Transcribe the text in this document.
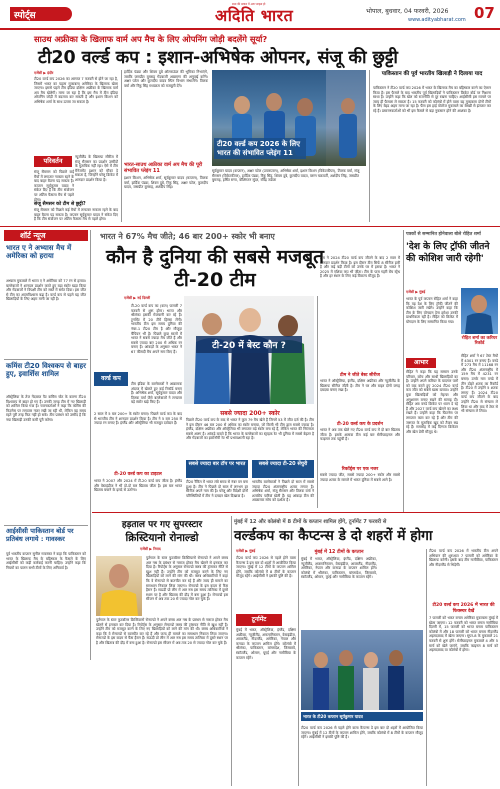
स्पोर्ट्स
सत्य की तलाश में अगर साहस हो
अदिति भारत	भोपाल, बुधवार, 04 फरवरी, 2026
www.adityabharat.com 07
साउथ अफ्रीका के खिलाफ वार्म अप मैच के लिए ओपनिंग जोड़ी बदलेंगे सूर्या?
टी20 वर्ल्ड कप : इशान-अभिषेक ओपनर, संजू की छुट्टी
एजेंसी ▶ इंदौर
टी20 वर्ल्ड कप 2026 का आगाज 7 फरवरी से होने जा रहा है, जिसमें भारत का पहला मुकाबला अमेरिका के खिलाफ खेला जाएगा। इससे पहले टीम इंडिया दक्षिण अफ्रीका के खिलाफ वार्म अप मैच खेलेगी। माना जा रहा है कि इस मैच में टीम इंडिया ओपनिंग जोड़ी में बदलाव कर सकती है और इशान किशन को अभिषेक शर्मा के साथ उतारा जा सकता है।
परिवर्तन	न्यूजीलैंड के खिलाफ सीरीज में संजू सैमसन का प्रदर्शन उम्मीदों के मुताबिक नहीं रहा। ऐसे में टीम मैनेजमेंट इशान को मौका दे सकता है, जिन्होंने घरेलू क्रिकेट में शानदार प्रदर्शन किया है।
संजू सैमसन को पिछले कई मैचों में लगातार नाकाम रहने के बाद बाहर बैठना पड़ सकता है। कप्तान सूर्यकुमार यादव ने संकेत दिए हैं कि टीम संयोजन पर अंतिम फैसला मैच से पहले होगा।
संजू सैमसन को टीम से छुट्टी?
संजू सैमसन को पिछले कई मैचों में लगातार नाकाम रहने के बाद बाहर बैठना पड़ सकता है। कप्तान सूर्यकुमार यादव ने संकेत दिए हैं कि टीम संयोजन पर अंतिम फैसला मैच से पहले होगा।
हार्दिक पंड्या और शिवम दुबे ऑलराउंडर की भूमिका निभाएंगे, जबकि जसप्रीत बुमराह गेंदबाजी आक्रमण की अगुवाई करेंगे। अक्षर पटेल और कुलदीप यादव स्पिन विभाग संभालेंगे। तिलक वर्मा और रिंकू सिंह मध्यक्रम को मजबूती देंगे।
भारत-साउथ अफ्रीका वार्म अप मैच की पूरी संभावित प्लेइंग 11
इशान किशन, अभिषेक शर्मा, सूर्यकुमार यादव (कप्तान), तिलक वर्मा, हार्दिक पंड्या, शिवम दुबे, रिंकू सिंह, अक्षर पटेल, कुलदीप यादव, जसप्रीत बुमराह, अर्शदीप सिंह।
टी20 वर्ल्ड कप 2026 के लिए भारत की संभावित प्लेइंग 11
सूर्यकुमार यादव (कप्तान), अक्षर पटेल (उपकप्तान), अभिषेक शर्मा, इशान किशन (विकेटकीपर), तिलक वर्मा, संजू सैमसन (विकेटकीपर), हार्दिक पंड्या, रिंकू सिंह, शिवम दुबे, कुलदीप यादव, वरुण चक्रवर्ती, अर्शदीप सिंह, जसप्रीत बुमराह, हर्षित राणा, वॉशिंगटन सुंदर, रविंद्र जडेजा
पाकिस्तान की पूर्व भारतीय खिलाड़ी ने दिलाया याद
पाकिस्तान ने टी20 वर्ल्ड कप 2026 में भारत के खिलाफ मैच का बहिष्कार करने का ऐलान किया है। इस फैसले के बाद भारतीय पूर्व खिलाड़ियों ने पाकिस्तान क्रिकेट बोर्ड पर निशाना साधा है। उन्होंने कहा कि खेल को राजनीति से दूर रखना चाहिए। आईसीसी इस मामले पर जल्द ही फैसला ले सकता है। 15 फरवरी को कोलंबो में होने वाला यह मुकाबला दोनों टीमों के लिए बेहद अहम माना जा रहा है। फैंस इस हाई वोल्टेज मुकाबले का बेसब्री से इंतजार कर रहे हैं। प्रसारणकर्ताओं को भी इस फैसले से बड़ा नुकसान होने की आशंका है।
शॉर्ट न्यूज
भारत ए ने अभ्यास मैच में अमेरिका को हराया
अभ्यास मुकाबले में भारत ए ने अमेरिका को 77 रन से हराया। बल्लेबाजों ने शानदार प्रदर्शन करते हुए बड़ा स्कोर खड़ा किया और गेंदबाजों ने विपक्षी टीम को सस्ते में समेट दिया। इस जीत से टीम का आत्मविश्वास बढ़ा है। वर्ल्ड कप से पहले यह जीत खिलाड़ियों के लिए अहम मानी जा रही है।
कमिंस टी20 विश्वकप से बाहर हुए, इवार्शिस शामिल
ऑस्ट्रेलिया के तेज गेंदबाज पैट कमिंस चोट के कारण टी20 विश्वकप से बाहर हो गए हैं। उनकी जगह टीम में नए खिलाड़ी को शामिल किया गया है। चयनकर्ताओं ने कहा कि कमिंस की फिटनेस पर लगातार नजर रखी जा रही थी, लेकिन वह समय रहते पूरी तरह फिट नहीं हो सके। टीम प्रबंधन को उम्मीद है कि नया खिलाड़ी उनकी कमी पूरी करेगा।
आईसीसी पाकिस्तान बोर्ड पर प्रतिबंध लगाये : गावस्कर
पूर्व भारतीय कप्तान सुनील गावस्कर ने कहा कि पाकिस्तान को भारत के खिलाफ मैच के बहिष्कार के फैसले के लिए आईसीसी को कड़ी कार्रवाई करनी चाहिए। उन्होंने कहा कि नियमों का पालन सभी टीमों के लिए अनिवार्य है।
भारत ने 67% मैच जीते; 46 बार 200+ स्कोर भी बनाए
कौन है दुनिया की सबसे मजबूत टी-20 टीम
एजेंसी ▶ नई दिल्ली
टी-20 वर्ल्ड कप का (कल) फरवरी 7 फरवरी से शुरू होगा। भारत और श्रीलंका इसकी मेजबानी कर रहे हैं। टूर्नामेंट में 20 टीमें हिस्सा लेंगी। भारतीय टीम इस समय दुनिया की नंबर-1 टी20 टीम है और मौजूदा चैंपियन भी है। पिछले कुछ सालों में भारत ने सबसे ज्यादा मैच जीते हैं और सबसे ज्यादा बार 200 से अधिक रन बनाए हैं। आंकड़ों के अनुसार भारत ने 67 फीसदी मैच अपने नाम किए हैं।
वर्ल्ड कप
टीम इंडिया के बल्लेबाजों ने आक्रामक अंदाज में खेलते हुए कई रिकॉर्ड बनाए हैं। अभिषेक शर्मा, सूर्यकुमार यादव और तिलक वर्मा जैसे बल्लेबाजों ने लगातार बड़े स्कोर खड़े किए हैं।
2 साल में 5 बार 200+ के स्कोर बनाए। पिछले वर्ल्ड कप के बाद से भारतीय टीम ने शानदार प्रदर्शन किया है। टीम ने 5 बार 250 से ज्यादा रन बनाए हैं। इंग्लैंड और ऑस्ट्रेलिया भी मजबूत दावेदार हैं।
टी-20 वर्ल्ड कप का टाइटल
भारत ने 2007 और 2024 में टी-20 वर्ल्ड कप जीता है। इंग्लैंड और वेस्टइंडीज ने भी दो-दो बार खिताब जीता है। इस बार भारत खिताब बचाने के इरादे से उतरेगा।
टी-20 में बेस्ट कौन ?
सबसे ज्यादा 200+ स्कोर
पिछले टी20 वर्ल्ड कप के बाद से भारत ने कुल 79 मैच खेले हैं जिनमें 53 में जीत दर्ज की है। टीम ने इस दौरान 46 बार 200 से अधिक का स्कोर बनाया, जो किसी भी टीम द्वारा सबसे ज्यादा है। इंग्लैंड, दक्षिण अफ्रीका और ऑस्ट्रेलिया भी लगातार बड़े स्कोर बना रहे हैं, लेकिन भारत की निरंतरता सबसे अलग है। आंकड़े बताते हैं कि भारत के बल्लेबाजों का स्ट्राइक रेट भी दुनिया में सबसे बेहतर है और गेंदबाजों का इकोनॉमी रेट भी प्रभावशाली रहा है।
सबसे ज्यादा बार टॉप पर भारत
टी20 रैंकिंग में भारत लंबे समय से नंबर वन बना हुआ है। टीम ने पिछले दो साल में लगभग हर सीरीज अपने नाम की है। घरेलू और विदेशी दोनों परिस्थितियों में टीम ने दमदार खेल दिखाया है।
सबसे ज्यादा टी-20 सेंचुरी
भारतीय बल्लेबाजों ने पिछले दो साल में सबसे ज्यादा टी20 अंतरराष्ट्रीय शतक लगाए हैं। अभिषेक शर्मा, संजू सैमसन और तिलक वर्मा ने शतकीय पारियां खेली हैं। यह आंकड़ा टीम की आक्रामक सोच को दर्शाता है।
टीम ने 2024 टी20 वर्ल्ड कप जीतने के बाद 2 साल में शानदार प्रदर्शन किया है। इस दौरान टीम सिर्फ 8 सीरीज हारी है और कई बड़ी टीमों को उनके घर में हराया है। भारत ने 2025 में एशिया कप भी जीता। टीम के पास गहरी बेंच स्ट्रेंथ है और हर स्थान के लिए कई विकल्प मौजूद हैं।
टीम ने जीते बेस्ट सीरीज
भारत ने ऑस्ट्रेलिया, इंग्लैंड, दक्षिण अफ्रीका और न्यूजीलैंड के खिलाफ सीरीज जीती है। टीम ने घर और बाहर दोनों जगह दबदबा बनाए रखा है।
टी-20 वर्ल्ड कप के प्रदर्शन
भारत ने अब तक खेले गए टी20 वर्ल्ड कप में दो बार खिताब जीता है। इसके अलावा टीम कई बार सेमीफाइनल और फाइनल तक पहुंची है।
रिकॉर्ड्स पर एक नजर
सबसे ज्यादा जीत, सबसे ज्यादा 200+ स्कोर और सबसे ज्यादा शतक के मामले में भारत दुनिया में सबसे आगे है।
पत्रकों से सम्मानित होनेवाला बोले रोहित शर्मा
'देश के लिए ट्रॉफी जीतने की कोशिश जारी रहेगी'
एजेंसी ▶ मुंबई
भारत के पूर्व कप्तान रोहित शर्मा ने कहा कि वह देश के लिए ट्रॉफी जीतने की कोशिश जारी रखेंगे। उन्होंने कहा कि टीम के लिए योगदान देना हमेशा उनकी प्राथमिकता रही है। रोहित को क्रिकेट में योगदान के लिए सम्मानित किया गया।
आभार
रोहित ने कहा कि यह सम्मान उनके परिवार, कोच और साथी खिलाड़ियों का है। उन्होंने अपने करियर के यादगार पलों को याद करते हुए 2024 टी20 वर्ल्ड कप जीत को सबसे खास बताया। उन्होंने युवा खिलाड़ियों को मेहनत और अनुशासन बनाए रखने की सलाह दी। रोहित अब वनडे क्रिकेट पर ध्यान दे रहे हैं और 2027 वर्ल्ड कप खेलने का लक्ष्य रखते हैं। उन्होंने कहा कि फिटनेस पर लगातार काम कर रहे हैं और टीम की जरूरत के मुताबिक खुद को तैयार रख रहे हैं। समारोह में कई दिग्गज क्रिकेटर और खेल प्रेमी मौजूद थे।
रोहित शर्मा का करियर रिकॉर्ड
रोहित शर्मा ने 67 टेस्ट मैचों में 4301 रन बनाए हैं। वनडे में 273 मैच में 11168 रन और टी20 अंतरराष्ट्रीय में 159 मैच में 4231 रन बनाए। उनके नाम वनडे में तीन दोहरे शतक का रिकॉर्ड है। टी20 में उन्होंने 5 शतक लगाए हैं। 2024 टी20 वर्ल्ड कप जीतने के बाद उन्होंने टी20 से संन्यास ले लिया था और बाद में टेस्ट से भी संन्यास ले लिया।
हड़ताल पर गए सुपरस्टार
क्रिस्टियानो रोनाल्डो
एजेंसी ▶ रियाद
पुर्तगाल के स्टार फुटबॉलर क्रिस्टियानो रोनाल्डो ने अपने क्लब अल नस्र के प्रबंधन से नाराज होकर मैच खेलने से इनकार कर दिया है। रिपोर्ट्स के अनुसार रोनाल्डो क्लब की ट्रांसफर नीति से खुश नहीं हैं। उन्होंने टीम को मजबूत करने के लिए नए खिलाड़ियों को लाने की मांग की थी। क्लब अधिकारियों ने कहा कि वे रोनाल्डो से बातचीत कर रहे हैं और जल्द ही मामले का समाधान निकाल लिया जाएगा। रोनाल्डो के इस कदम से फैंस हैरान हैं। सऊदी प्रो लीग में अल नस्र इस समय तालिका में दूसरे स्थान पर है और खिताब की दौड़ में बना हुआ है। रोनाल्डो इस सीजन में अब तक 20 से ज्यादा गोल कर चुके हैं।
पुर्तगाल के स्टार फुटबॉलर क्रिस्टियानो रोनाल्डो ने अपने क्लब अल नस्र के प्रबंधन से नाराज होकर मैच खेलने से इनकार कर दिया है। रिपोर्ट्स के अनुसार रोनाल्डो क्लब की ट्रांसफर नीति से खुश नहीं हैं। उन्होंने टीम को मजबूत करने के लिए नए खिलाड़ियों को लाने की मांग की थी। क्लब अधिकारियों ने कहा कि वे रोनाल्डो से बातचीत कर रहे हैं और जल्द ही मामले का समाधान निकाल लिया जाएगा। रोनाल्डो के इस कदम से फैंस हैरान हैं। सऊदी प्रो लीग में अल नस्र इस समय तालिका में दूसरे स्थान पर है और खिताब की दौड़ में बना हुआ है। रोनाल्डो इस सीजन में अब तक 20 से ज्यादा गोल कर चुके हैं।
मुंबई में 12 और कोलंबो में 8 टीमों के कप्तान शामिल होंगे, टूर्नामेंट 7 फरवरी से
वर्ल्डकप का कैप्टन्स डे दो शहरों में होगा
एजेंसी ▶ मुंबई
टी20 वर्ल्ड कप 2026 से पहले होने वाला कैप्टन्स डे इस बार दो शहरों में आयोजित किया जाएगा। मुंबई में 12 टीमों के कप्तान शामिल होंगे, जबकि कोलंबो में 8 टीमों के कप्तान मौजूद रहेंगे। आईसीसी ने इसकी पुष्टि की है।
टूर्नामेंट
मुंबई में भारत, ऑस्ट्रेलिया, इंग्लैंड, दक्षिण अफ्रीका, न्यूजीलैंड, अफगानिस्तान, वेस्टइंडीज, आयरलैंड, नीदरलैंड, अमेरिका, नेपाल और कनाडा के कप्तान शामिल होंगे। कोलंबो में श्रीलंका, पाकिस्तान, बांग्लादेश, जिम्बाब्वे, स्कॉटलैंड, ओमान, यूएई और नामीबिया के कप्तान रहेंगे।
मुंबई में 12 टीमों के कप्तान
मुंबई में भारत, ऑस्ट्रेलिया, इंग्लैंड, दक्षिण अफ्रीका, न्यूजीलैंड, अफगानिस्तान, वेस्टइंडीज, आयरलैंड, नीदरलैंड, अमेरिका, नेपाल और कनाडा के कप्तान शामिल होंगे। कोलंबो में श्रीलंका, पाकिस्तान, बांग्लादेश, जिम्बाब्वे, स्कॉटलैंड, ओमान, यूएई और नामीबिया के कप्तान रहेंगे।
भारत के टी20 कप्तान सूर्यकुमार यादव
टी20 वर्ल्ड कप 2026 से पहले होने वाला कैप्टन्स डे इस बार दो शहरों में आयोजित किया जाएगा। मुंबई में 12 टीमों के कप्तान शामिल होंगे, जबकि कोलंबो में 8 टीमों के कप्तान मौजूद रहेंगे। आईसीसी ने इसकी पुष्टि की है।
टी20 वर्ल्ड कप 2026 में भारतीय टीम अपने अभियान की शुरुआत 7 फरवरी को अमेरिका के खिलाफ करेगी। इसके बाद टीम नामीबिया, पाकिस्तान और नीदरलैंड से भिड़ेगी।
टी20 वर्ल्ड कप 2026 में भारत की फिक्स्चर देखें
7 फरवरी को भारत बनाम अमेरिका मुकाबला मुंबई में खेला जाएगा। 12 फरवरी को भारत बनाम नामीबिया दिल्ली में, 15 फरवरी को भारत बनाम पाकिस्तान कोलंबो में और 18 फरवरी को भारत बनाम नीदरलैंड अहमदाबाद में खेला जाएगा। सुपर-8 के मुकाबले 21 फरवरी से शुरू होंगे। सेमीफाइनल मुकाबले 4 और 5 मार्च को खेले जाएंगे, जबकि फाइनल 8 मार्च को अहमदाबाद या कोलंबो में होगा।
